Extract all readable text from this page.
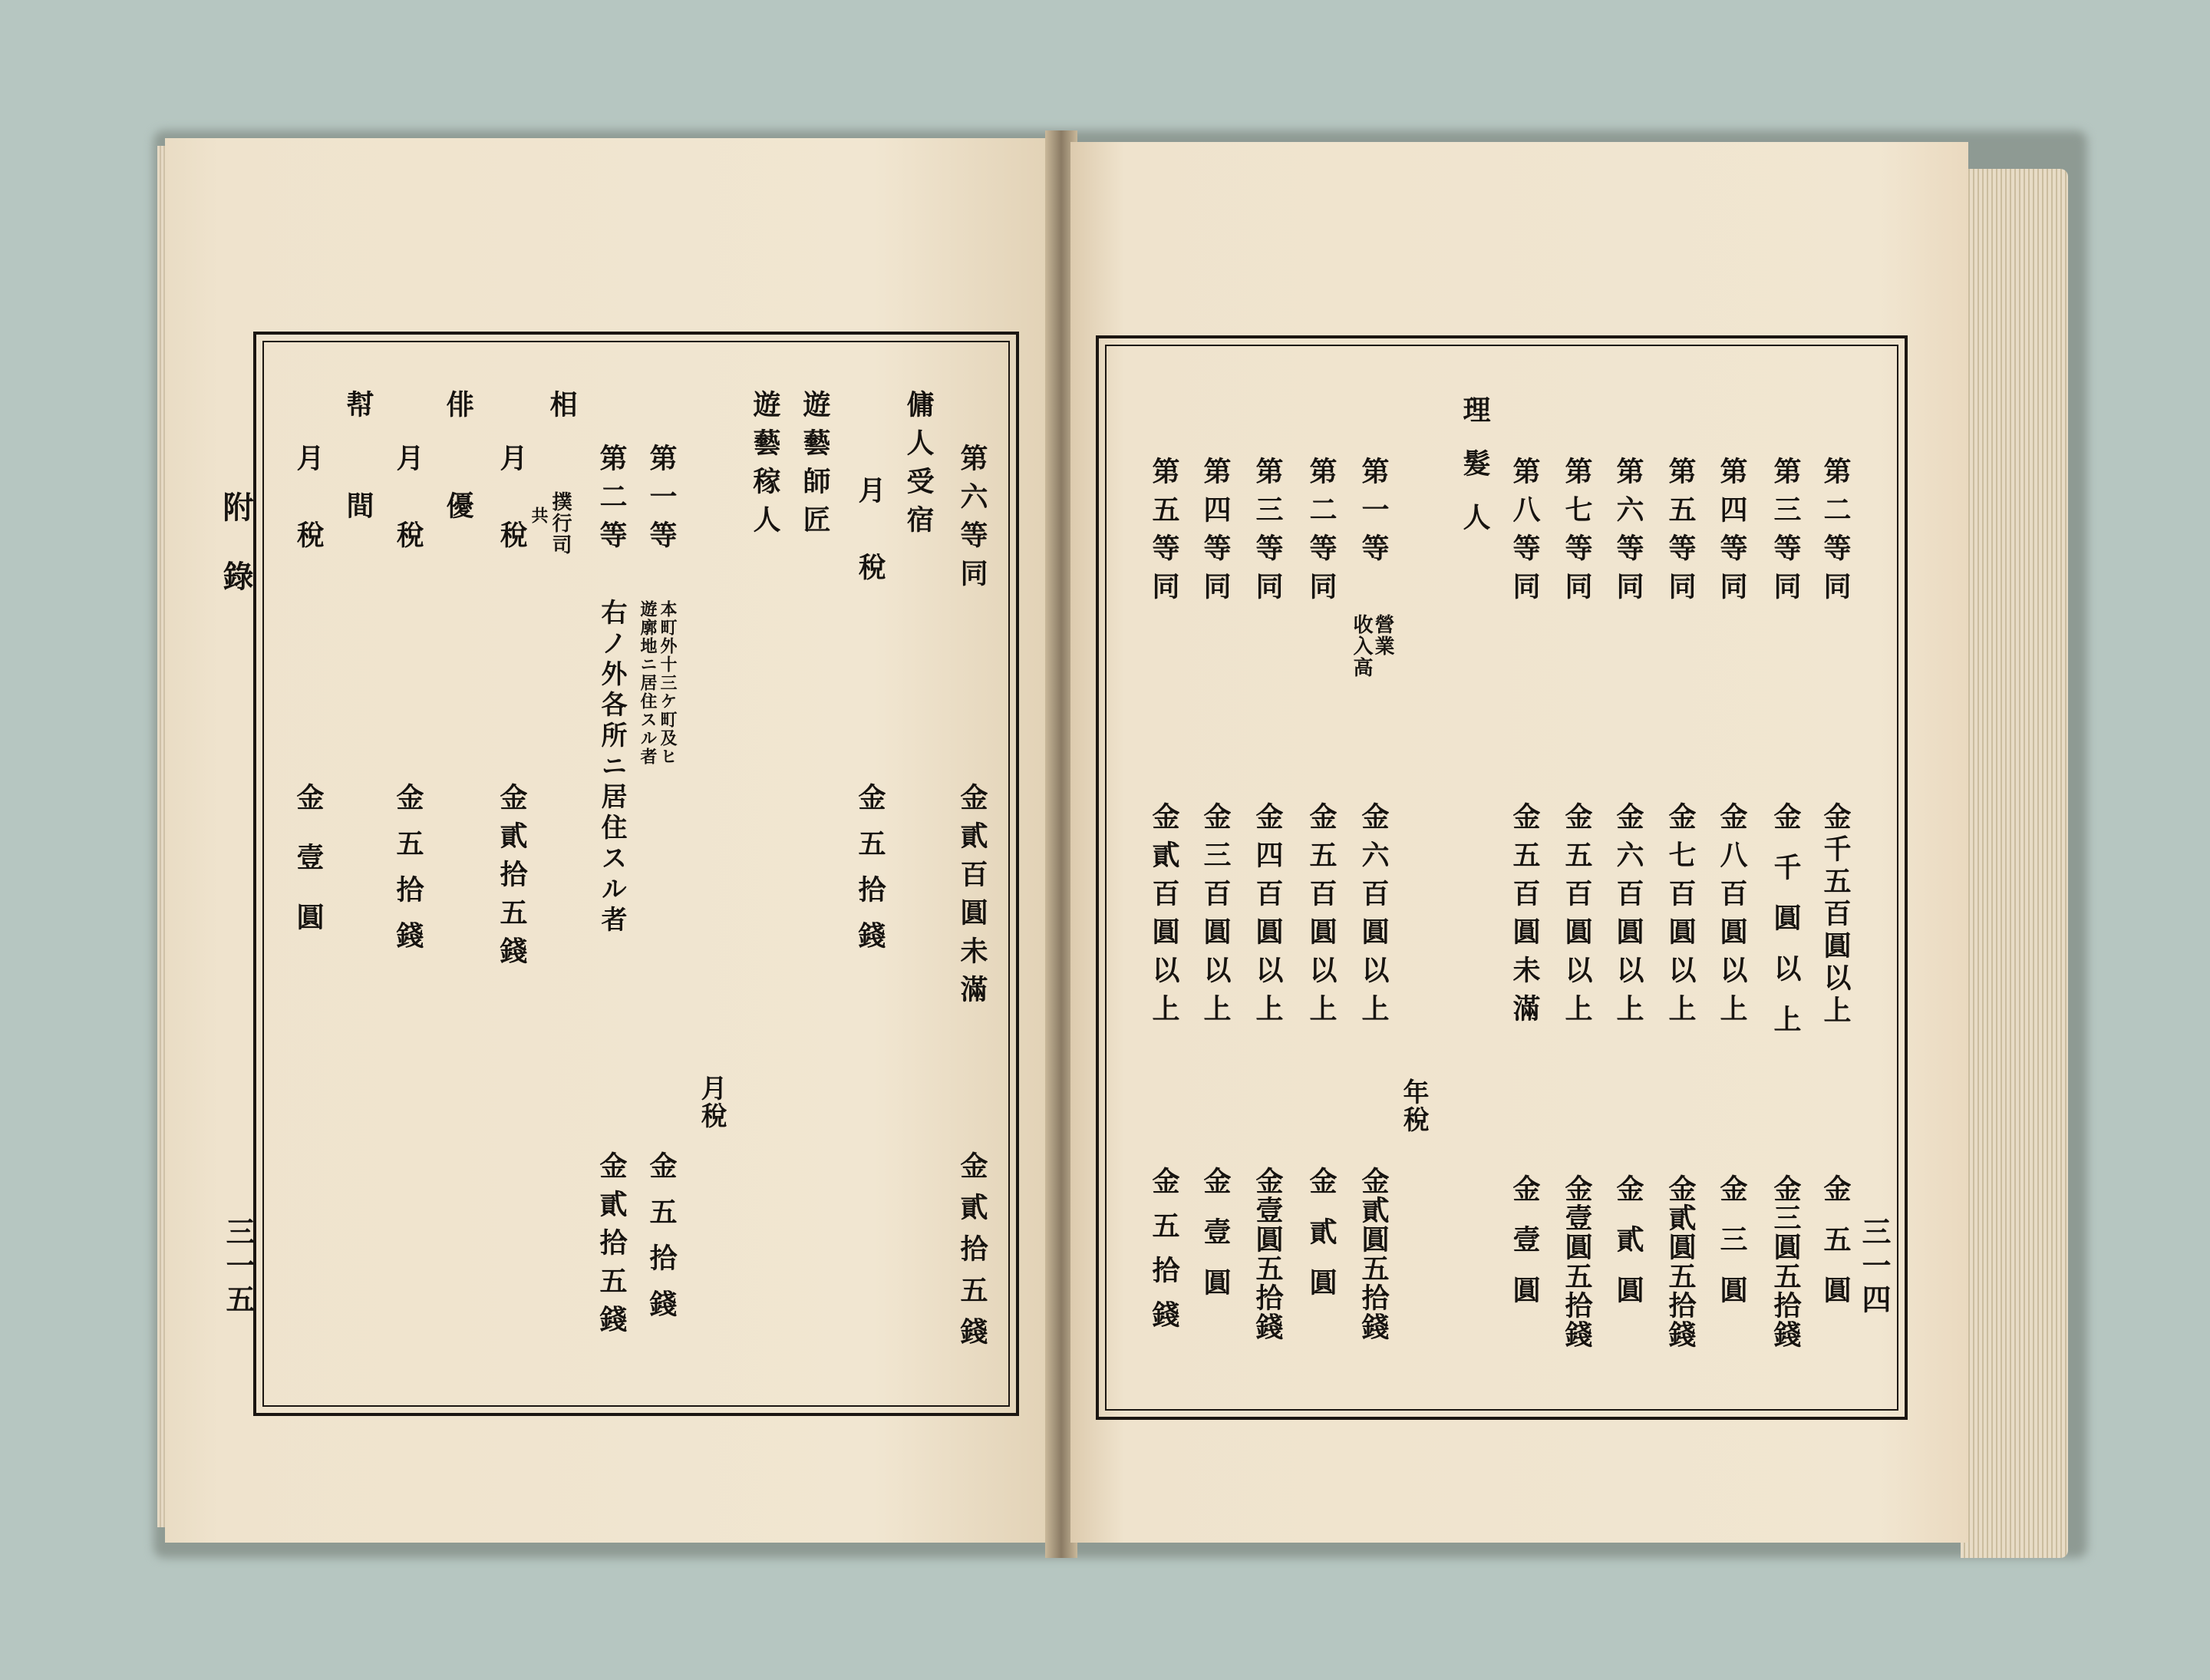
附錄
三一五
第六等同
傭人受宿
月　稅
遊藝師匠
遊藝稼人
第一等
本町外十三ケ町及ヒ
遊廓地ニ居住スル者
第二等
右ノ外各所ニ居住スル者
相
月　稅 撲行司
共
俳
優
月　稅
幇
間
月　稅
金貳百圓未滿
金五拾錢
金貳拾五錢
金五拾錢
金壹圓
月稅
金貳拾五錢
金五拾錢
金貳拾五錢	三一四
第二等同
第三等同
第四等同
第五等同
第六等同
第七等同
第八等同
理
髮
人
第一等
營業
收入高
第二等同
第三等同
第四等同
第五等同
金千五百圓以上
金千圓以上
金八百圓以上
金七百圓以上
金六百圓以上
金五百圓以上
金五百圓未滿
金六百圓以上
金五百圓以上
金四百圓以上
金三百圓以上
金貳百圓以上
年稅
金五圓
金三圓五拾錢
金三圓
金貳圓五拾錢
金貳圓
金壹圓五拾錢
金壹圓
金貳圓五拾錢
金貳圓
金壹圓五拾錢
金壹圓
金五拾錢
